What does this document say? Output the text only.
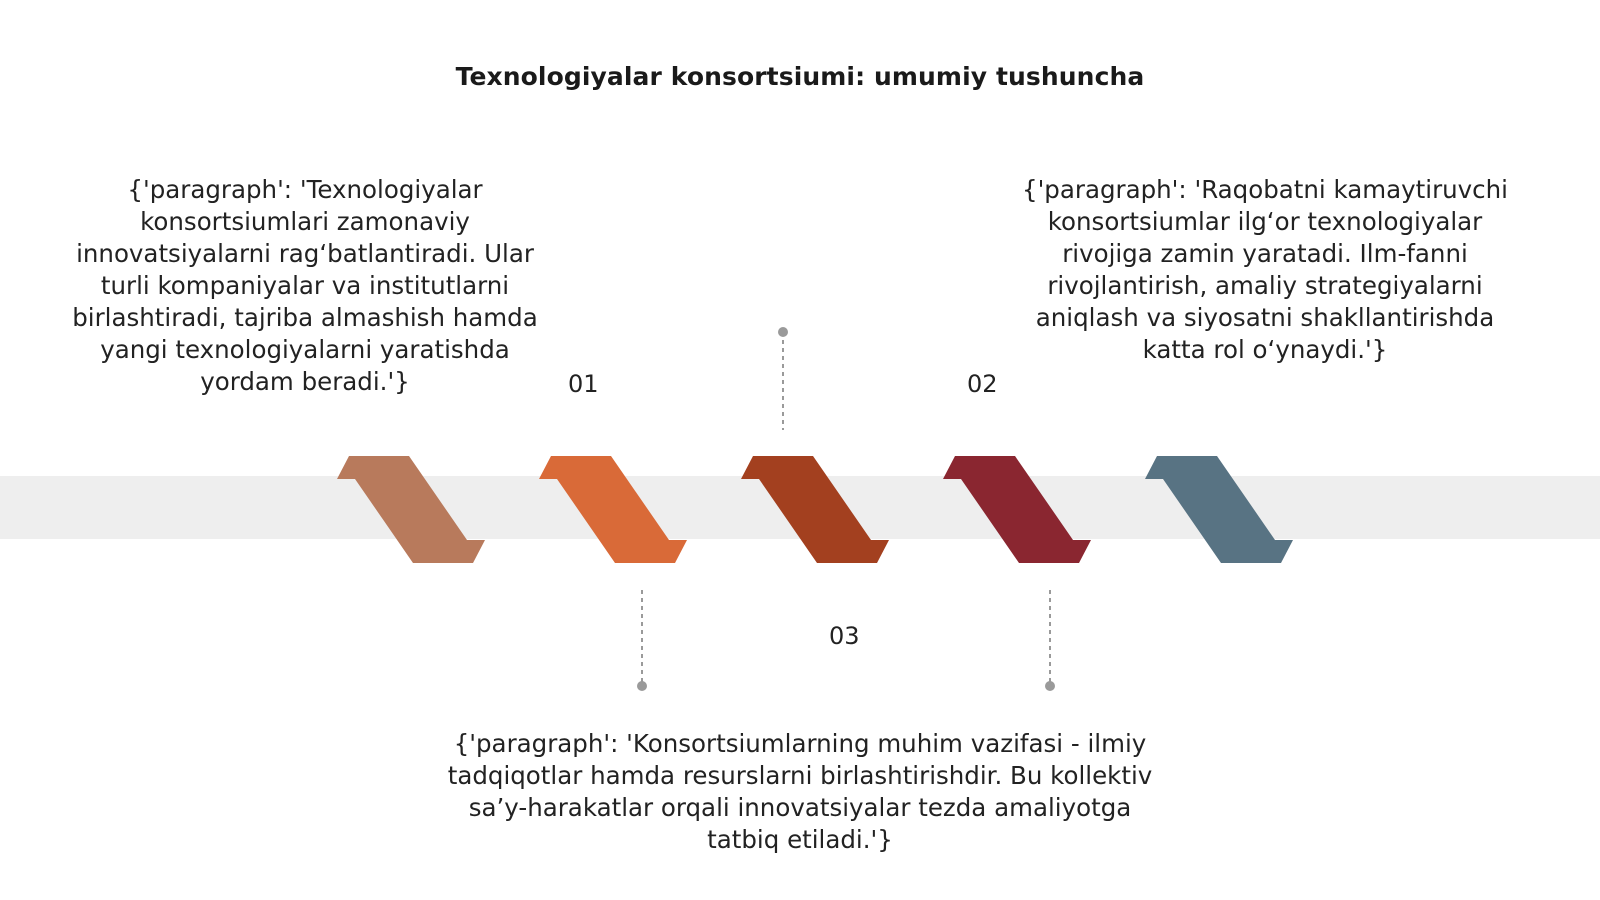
Texnologiyalar konsortsiumi: umumiy tushuncha
{'paragraph': 'Texnologiyalar konsortsiumlari zamonaviy innovatsiyalarni rag‘batlantiradi. Ular turli kompaniyalar va institutlarni birlashtiradi, tajriba almashish hamda yangi texnologiyalarni yaratishda yordam beradi.'}
{'paragraph': 'Raqobatni kamaytiruvchi konsortsiumlar ilg‘or texnologiyalar rivojiga zamin yaratadi. Ilm-fanni rivojlantirish, amaliy strategiyalarni aniqlash va siyosatni shakllantirishda katta rol o‘ynaydi.'}
{'paragraph': 'Konsortsiumlarning muhim vazifasi - ilmiy tadqiqotlar hamda resurslarni birlashtirishdir. Bu kollektiv sa’y-harakatlar orqali innovatsiyalar tezda amaliyotga tatbiq etiladi.'}
01	02
03
